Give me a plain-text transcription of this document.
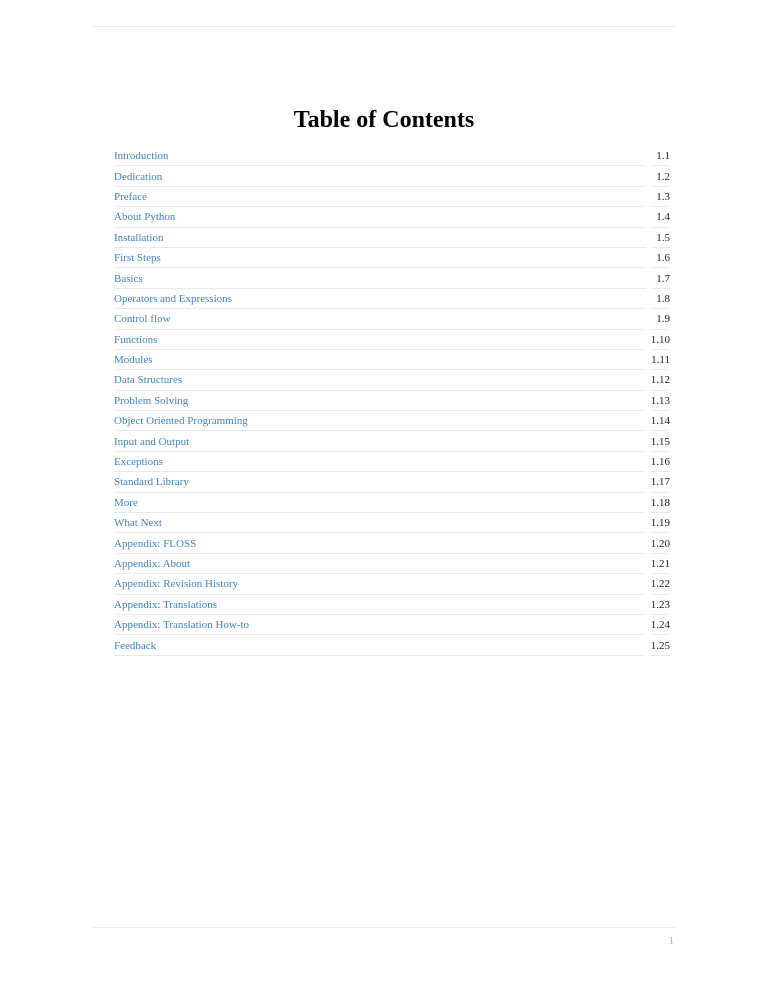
Table of Contents
Introduction	1.1
Dedication	1.2
Preface	1.3
About Python	1.4
Installation	1.5
First Steps	1.6
Basics	1.7
Operators and Expressions	1.8
Control flow	1.9
Functions	1.10
Modules	1.11
Data Structures	1.12
Problem Solving	1.13
Object Oriented Programming	1.14
Input and Output	1.15
Exceptions	1.16
Standard Library	1.17
More	1.18
What Next	1.19
Appendix: FLOSS	1.20
Appendix: About	1.21
Appendix: Revision History	1.22
Appendix: Translations	1.23
Appendix: Translation How-to	1.24
Feedback	1.25
1
